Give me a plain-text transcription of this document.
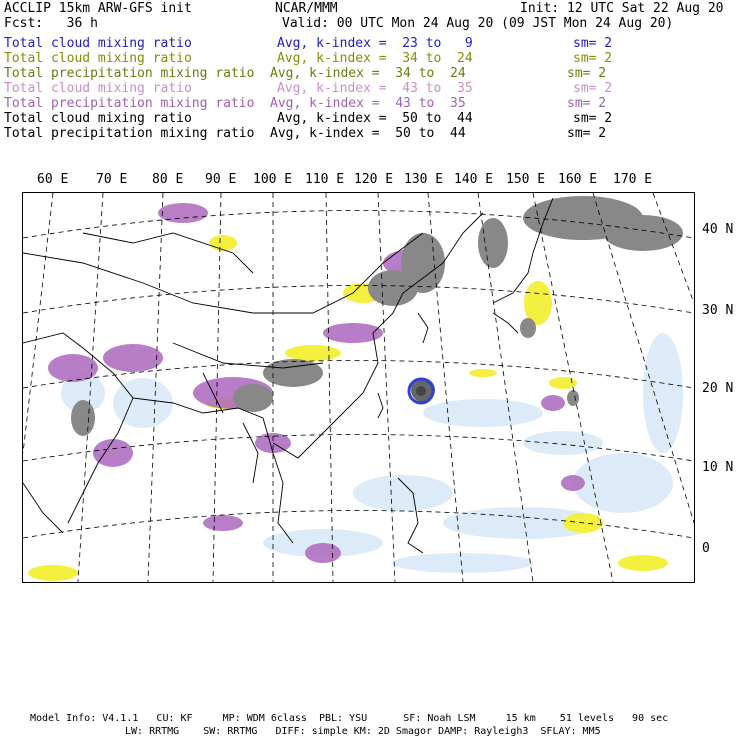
ACCLIP 15km ARW-GFS init	NCAR/MMM	Init: 12 UTC Sat 22 Aug 20
Fcst:   36 h	Valid: 00 UTC Mon 24 Aug 20 (09 JST Mon 24 Aug 20)
Total cloud mixing ratio	Avg, k-index =  23 to   9	sm= 2
Total cloud mixing ratio	Avg, k-index =  34 to  24	sm= 2
Total precipitation mixing ratio Avg, k-index =  34 to  24	sm= 2
Total cloud mixing ratio	Avg, k-index =  43 to  35	sm= 2
Total precipitation mixing ratio Avg, k-index =  43 to  35	sm= 2
Total cloud mixing ratio	Avg, k-index =  50 to  44	sm= 2
Total precipitation mixing ratio Avg, k-index =  50 to  44	sm= 2
60 E 70 E 80 E 90 E 100 E 110 E 120 E 130 E 140 E 150 E 160 E 170 E
40 N
30 N
20 N
10 N
0
Model Info: V4.1.1   CU: KF     MP: WDM 6class  PBL: YSU      SF: Noah LSM     15 km    51 levels   90 sec
LW: RRTMG    SW: RRTMG   DIFF: simple KM: 2D Smagor DAMP: Rayleigh3  SFLAY: MM5
